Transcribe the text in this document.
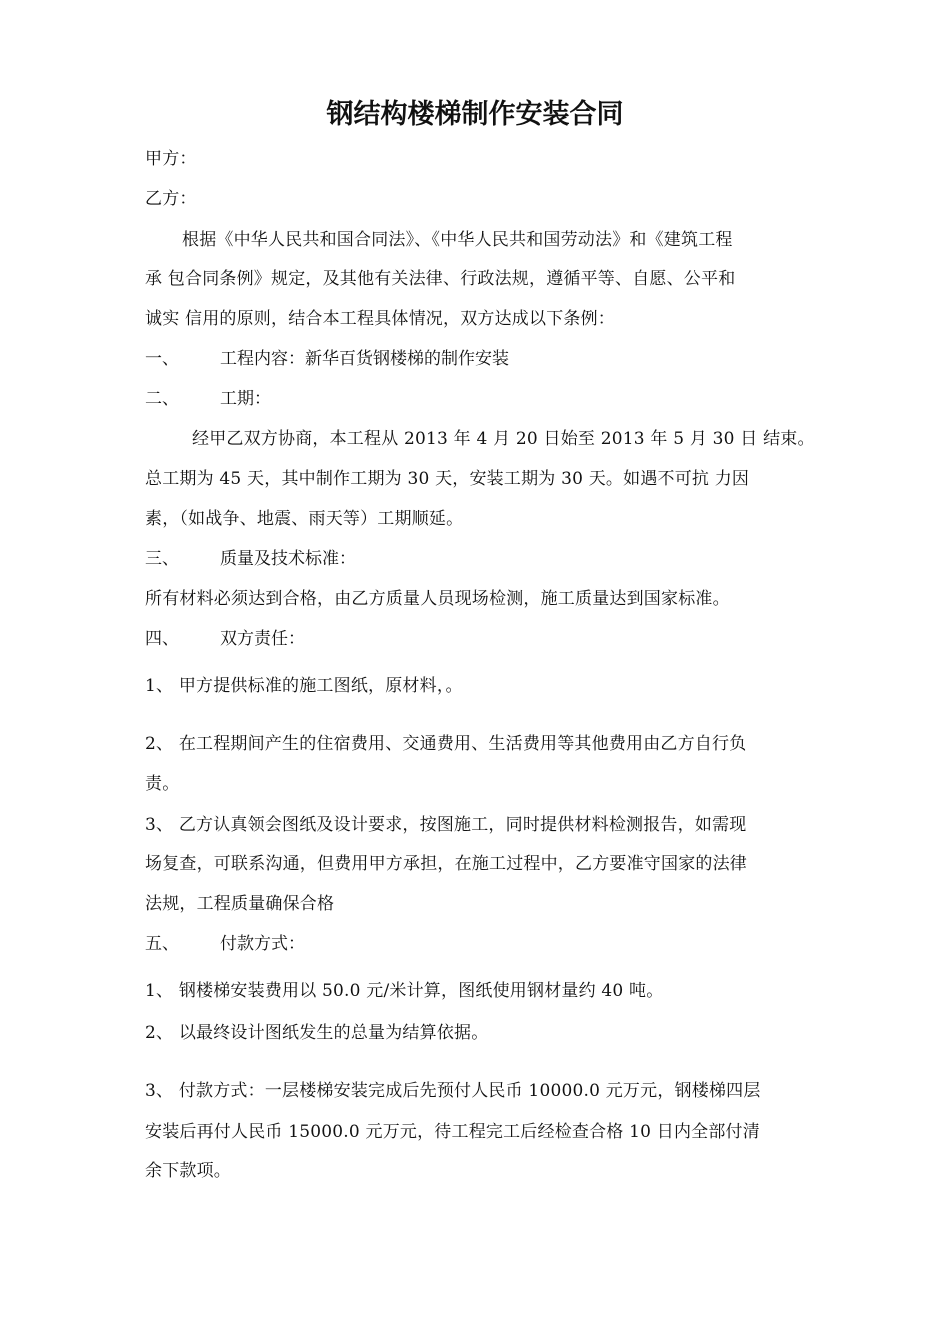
钢结构楼梯制作安装合同
甲方：
乙方：
根据《中华人民共和国合同法》、《中华人民共和国劳动法》和《建筑工程
承 包合同条例》规定，及其他有关法律、行政法规，遵循平等、自愿、公平和
诚实 信用的原则，结合本工程具体情况，双方达成以下条例：
一、 工程内容：新华百货钢楼梯的制作安装
二、 工期：
经甲乙双方协商，本工程从 2013 年 4 月 20 日始至 2013 年 5 月 30 日 结束。
总工期为 45 天，其中制作工期为 30 天，安装工期为 30 天。如遇不可抗 力因
素，（如战争、地震、雨天等）工期顺延。
三、 质量及技术标准：
所有材料必须达到合格，由乙方质量人员现场检测，施工质量达到国家标准。
四、 双方责任：
1、 甲方提供标准的施工图纸，原材料，。
2、 在工程期间产生的住宿费用、交通费用、生活费用等其他费用由乙方自行负
责。
3、 乙方认真领会图纸及设计要求，按图施工，同时提供材料检测报告，如需现
场复查，可联系沟通，但费用甲方承担，在施工过程中，乙方要准守国家的法律
法规，工程质量确保合格
五、 付款方式：
1、 钢楼梯安装费用以 50.0 元/米计算，图纸使用钢材量约 40 吨。
2、 以最终设计图纸发生的总量为结算依据。
3、 付款方式：一层楼梯安装完成后先预付人民币 10000.0 元万元，钢楼梯四层
安装后再付人民币 15000.0 元万元，待工程完工后经检查合格 10 日内全部付清
余下款项。
